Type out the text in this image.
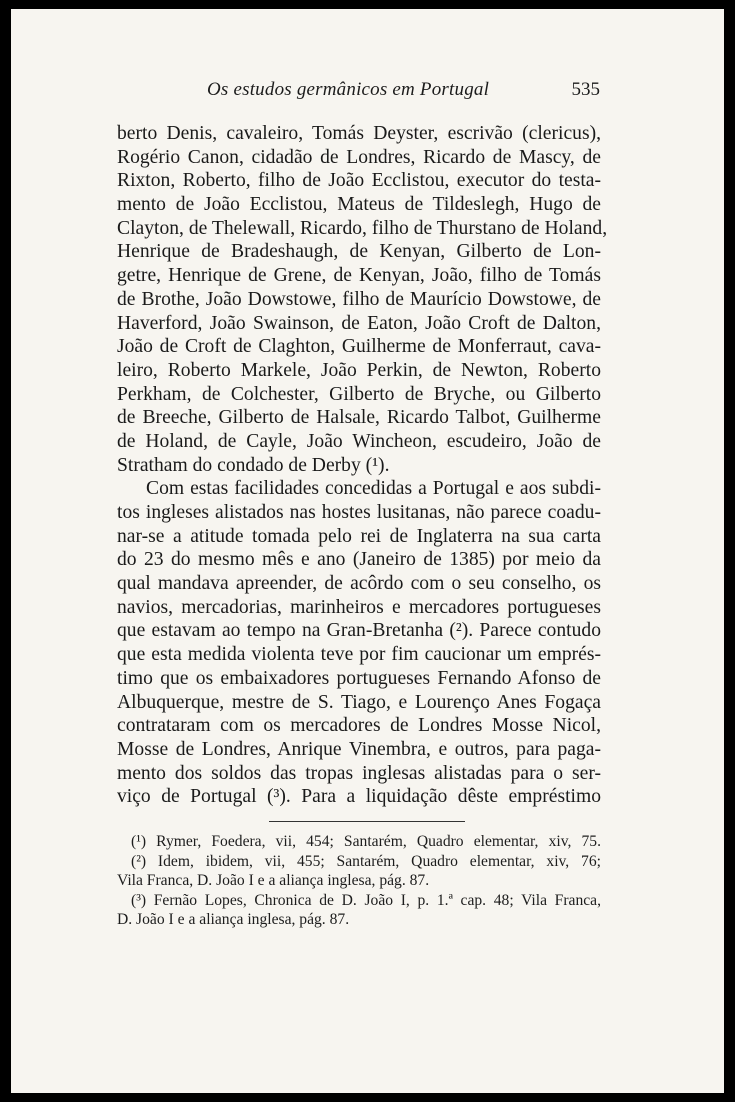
Os estudos germânicos em Portugal	535
berto Denis, cavaleiro, Tomás Deyster, escrivão (clericus),
Rogério Canon, cidadão de Londres, Ricardo de Mascy, de
Rixton, Roberto, filho de João Ecclistou, executor do testa-
mento de João Ecclistou, Mateus de Tildeslegh, Hugo de
Clayton, de Thelewall, Ricardo, filho de Thurstano de Holand,
Henrique de Bradeshaugh, de Kenyan, Gilberto de Lon-
getre, Henrique de Grene, de Kenyan, João, filho de Tomás
de Brothe, João Dowstowe, filho de Maurício Dowstowe, de
Haverford, João Swainson, de Eaton, João Croft de Dalton,
João de Croft de Claghton, Guilherme de Monferraut, cava-
leiro, Roberto Markele, João Perkin, de Newton, Roberto
Perkham, de Colchester, Gilberto de Bryche, ou Gilberto
de Breeche, Gilberto de Halsale, Ricardo Talbot, Guilherme
de Holand, de Cayle, João Wincheon, escudeiro, João de
Stratham do condado de Derby (¹).
Com estas facilidades concedidas a Portugal e aos subdi-
tos ingleses alistados nas hostes lusitanas, não parece coadu-
nar-se a atitude tomada pelo rei de Inglaterra na sua carta
do 23 do mesmo mês e ano (Janeiro de 1385) por meio da
qual mandava apreender, de acôrdo com o seu conselho, os
navios, mercadorias, marinheiros e mercadores portugueses
que estavam ao tempo na Gran-Bretanha (²). Parece contudo
que esta medida violenta teve por fim caucionar um emprés-
timo que os embaixadores portugueses Fernando Afonso de
Albuquerque, mestre de S. Tiago, e Lourenço Anes Fogaça
contrataram com os mercadores de Londres Mosse Nicol,
Mosse de Londres, Anrique Vinembra, e outros, para paga-
mento dos soldos das tropas inglesas alistadas para o ser-
viço de Portugal (³). Para a liquidação dêste empréstimo
(¹) Rymer, Foedera, vii, 454; Santarém, Quadro elementar, xiv, 75.
(²) Idem, ibidem, vii, 455; Santarém, Quadro elementar, xiv, 76;
Vila Franca, D. João I e a aliança inglesa, pág. 87.
(³) Fernão Lopes, Chronica de D. João I, p. 1.ª cap. 48; Vila Franca,
D. João I e a aliança inglesa, pág. 87.
